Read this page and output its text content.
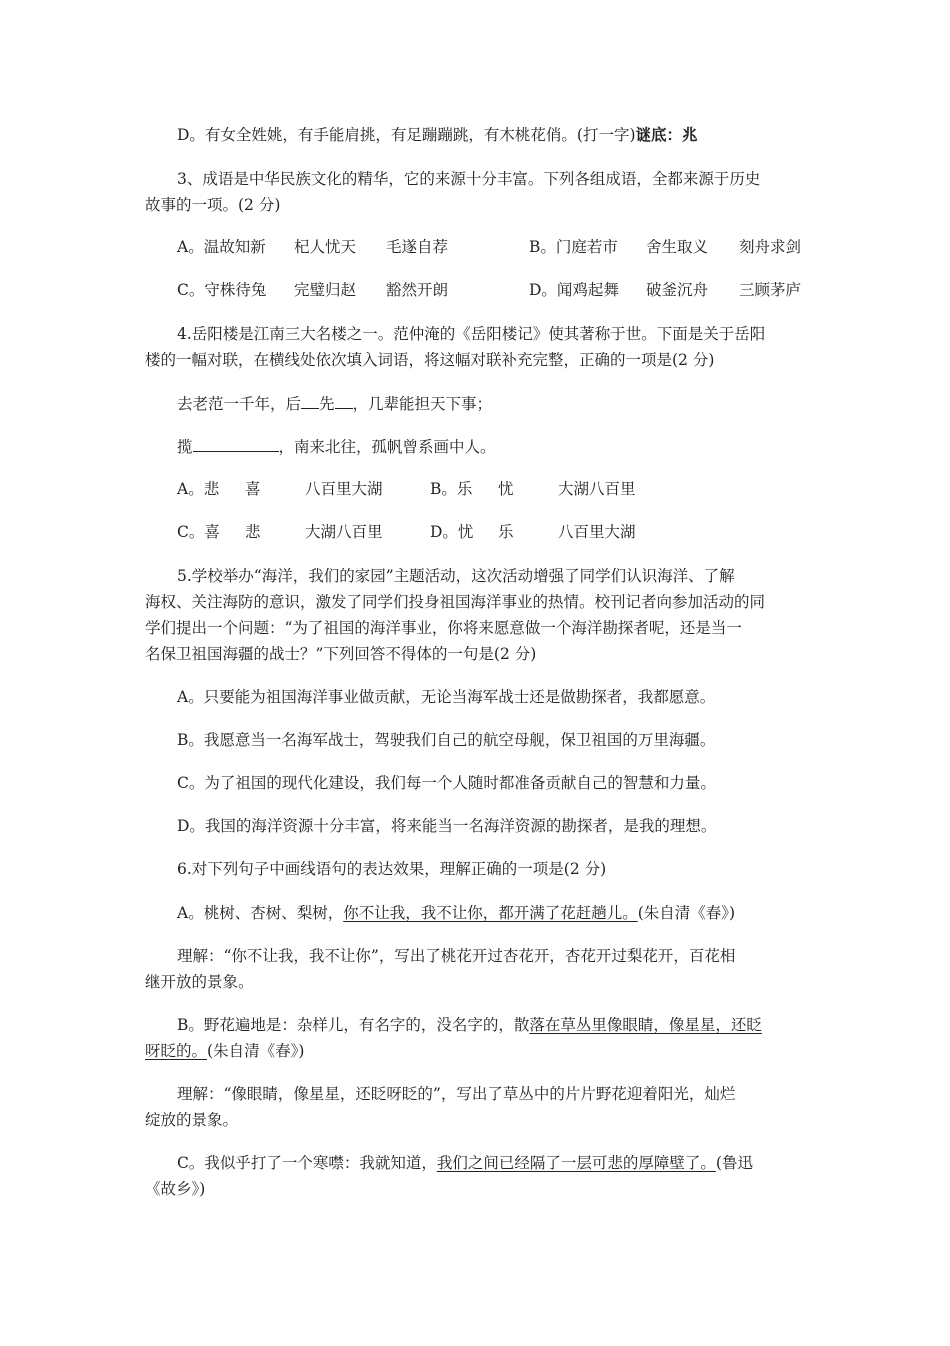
D。有女全姓姚，有手能肩挑，有足蹦蹦跳，有木桃花俏。(打一字)谜底：兆
3、成语是中华民族文化的精华，它的来源十分丰富。下列各组成语，全都来源于历史
故事的一项。(2 分)
A。温故知新 杞人忧天 毛遂自荐	B。门庭若市 舍生取义 刻舟求剑
C。守株待兔 完璧归赵 豁然开朗	D。闻鸡起舞 破釜沉舟 三顾茅庐
4.岳阳楼是江南三大名楼之一。范仲淹的《岳阳楼记》使其著称于世。下面是关于岳阳
楼的一幅对联，在横线处依次填入词语，将这幅对联补充完整，正确的一项是(2 分)
去老范一千年，后 先 ，几辈能担天下事；
揽	，南来北往，孤帆曾系画中人。
A。悲 喜	八百里大湖	B。乐 忧	大湖八百里
C。喜 悲	大湖八百里	D。忧 乐	八百里大湖
5.学校举办“海洋，我们的家园”主题活动，这次活动增强了同学们认识海洋、了解
海权、关注海防的意识，激发了同学们投身祖国海洋事业的热情。校刊记者向参加活动的同
学们提出一个问题：“为了祖国的海洋事业，你将来愿意做一个海洋勘探者呢，还是当一
名保卫祖国海疆的战士？”下列回答不得体的一句是(2 分)
A。只要能为祖国海洋事业做贡献，无论当海军战士还是做勘探者，我都愿意。
B。我愿意当一名海军战士，驾驶我们自己的航空母舰，保卫祖国的万里海疆。
C。为了祖国的现代化建设，我们每一个人随时都准备贡献自己的智慧和力量。
D。我国的海洋资源十分丰富，将来能当一名海洋资源的勘探者，是我的理想。
6.对下列句子中画线语句的表达效果，理解正确的一项是(2 分)
A。桃树、杏树、梨树，你不让我，我不让你，都开满了花赶趟儿。(朱自清《春》)
理解：“你不让我，我不让你”，写出了桃花开过杏花开，杏花开过梨花开，百花相
继开放的景象。
B。野花遍地是：杂样儿，有名字的，没名字的，散落在草丛里像眼睛，像星星，还眨
呀眨的。(朱自清《春》)
理解：“像眼睛，像星星，还眨呀眨的”，写出了草丛中的片片野花迎着阳光，灿烂
绽放的景象。
C。我似乎打了一个寒噤：我就知道，我们之间已经隔了一层可悲的厚障壁了。(鲁迅
《故乡》)
